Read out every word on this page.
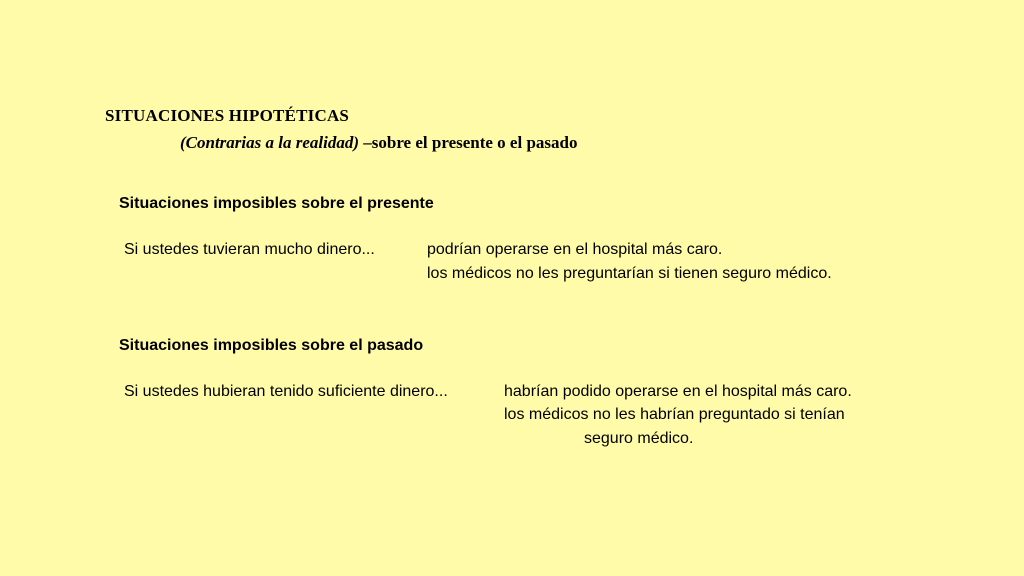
SITUACIONES HIPOTÉTICAS
(Contrarias a la realidad) –sobre el presente o el pasado
Situaciones imposibles sobre el presente
Si ustedes tuvieran mucho dinero...	podrían operarse en el hospital más caro.
los médicos no les preguntarían si tienen seguro médico.
Situaciones imposibles sobre el pasado
Si ustedes hubieran tenido suficiente dinero...	habrían podido operarse en el hospital más caro.
los médicos no les habrían preguntado si tenían
seguro médico.
